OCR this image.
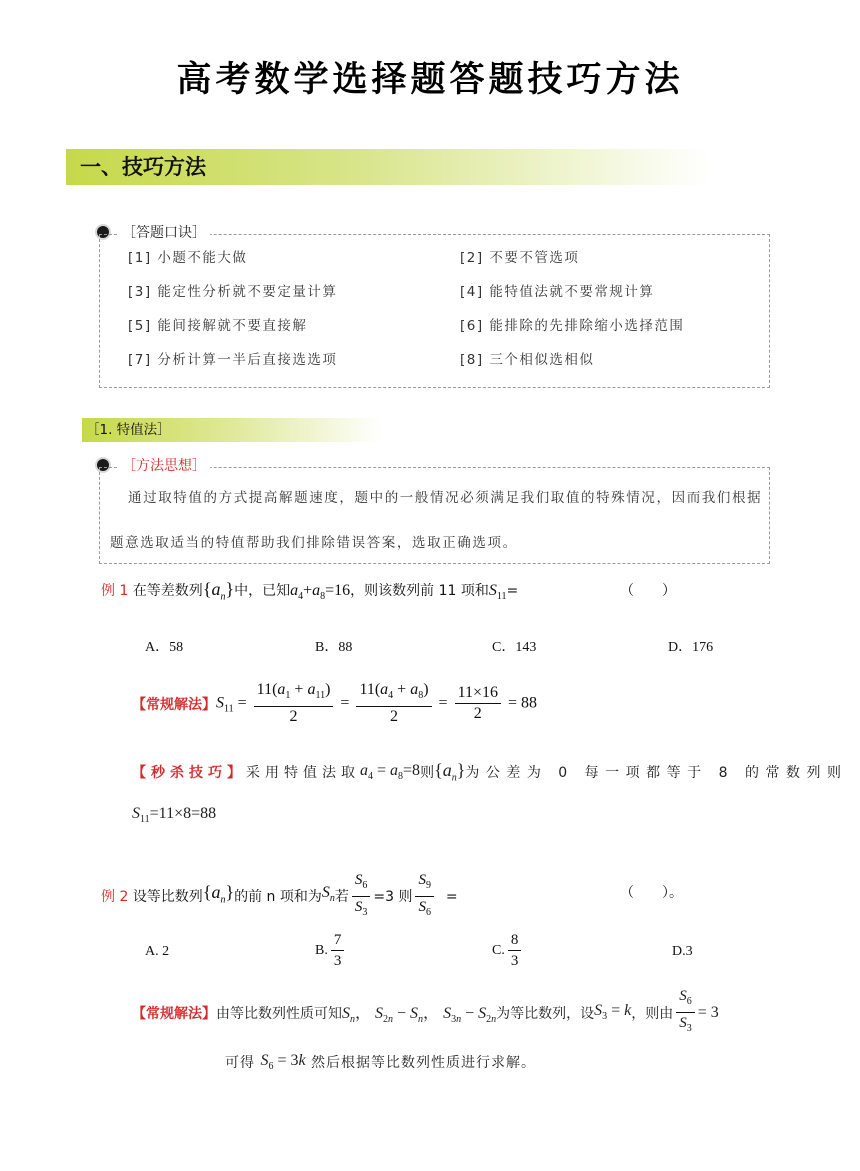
高考数学选择题答题技巧方法
一、技巧方法
［答题口诀］
[1] 小题不能大做	[2] 不要不管选项
[3] 能定性分析就不要定量计算	[4] 能特值法就不要常规计算
[5] 能间接解就不要直接解	[6] 能排除的先排除缩小选择范围
[7] 分析计算一半后直接选选项	[8] 三个相似选相似
［1. 特值法］
［方法思想］
通过取特值的方式提高解题速度，题中的一般情况必须满足我们取值的特殊情况，因而我们根据
题意选取适当的特值帮助我们排除错误答案，选取正确选项。
例 1 在等差数列$\{a_n\}$中，已知$a_4+a_8=16$，则该数列前 11 项和$S_{11}=$	（　　）
A．58	B．88	C．143	D．176
【常规解法】 $S_{11} = \frac{11(a_1 + a_{11})}{2} = \frac{11(a_4 + a_8)}{2} = \frac{11\times 16}{2} = 88$
【秒杀技巧】 采用特值法取 $a_4 = a_8=8$ 则 $\{a_n\}$ 为公差为 0 每一项都等于 8 的常数列则
$S_{11}=11\times 8=88$
例 2
设等比数列 $\{a_n\}$ 的前 n 项和为 $S_n$ 若 $\frac{S_6}{S_3} =3$ 则 $\frac{S_9}{S_6}$
=	（　　）。
A. 2	B. $\frac{7}{3}$	C. $\frac{8}{3}$	D.3
【常规解法】 由等比数列性质可知 $S_n$， $S_{2n} - S_n$， $S_{3n} - S_{2n}$ 为等比数列，设 $S_3 = k$ ，则由 $\frac{S_6}{S_3} = 3$
可得
$S_6 = 3k$
然后根据等比数列性质进行求解。
